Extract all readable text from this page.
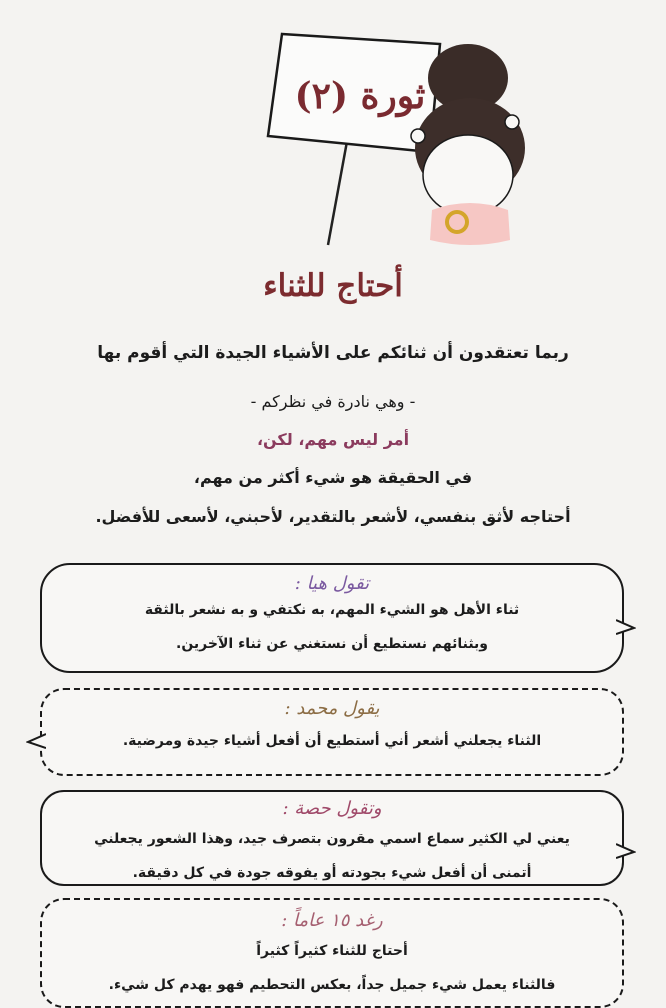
ثورة (٢)
أحتاج للثناء
ربما تعتقدون أن ثنائكم على الأشياء الجيدة التي أقوم بها
- وهي نادرة في نظركم -
أمر ليس مهم، لكن،
في الحقيقة هو شيء أكثر من مهم،
أحتاجه لأثق بنفسي، لأشعر بالتقدير، لأحبني، لأسعى للأفضل.
تقول هيا :
ثناء الأهل هو الشيء المهم، به نكتفي و به نشعر بالثقة
وبثنائهم نستطيع أن نستغني عن ثناء الآخرين.
يقول محمد :
الثناء يجعلني أشعر أني أستطيع أن أفعل أشياء جيدة ومرضية.
وتقول حصة :
يعني لي الكثير سماع اسمي مقرون بتصرف جيد، وهذا الشعور يجعلني
أتمنى أن أفعل شيء بجودته أو يفوقه جودة في كل دقيقة.
رغد ١٥ عاماً :
أحتاج للثناء كثيراً كثيراً
فالثناء يعمل شيء جميل جداً، بعكس التحطيم فهو يهدم كل شيء.
